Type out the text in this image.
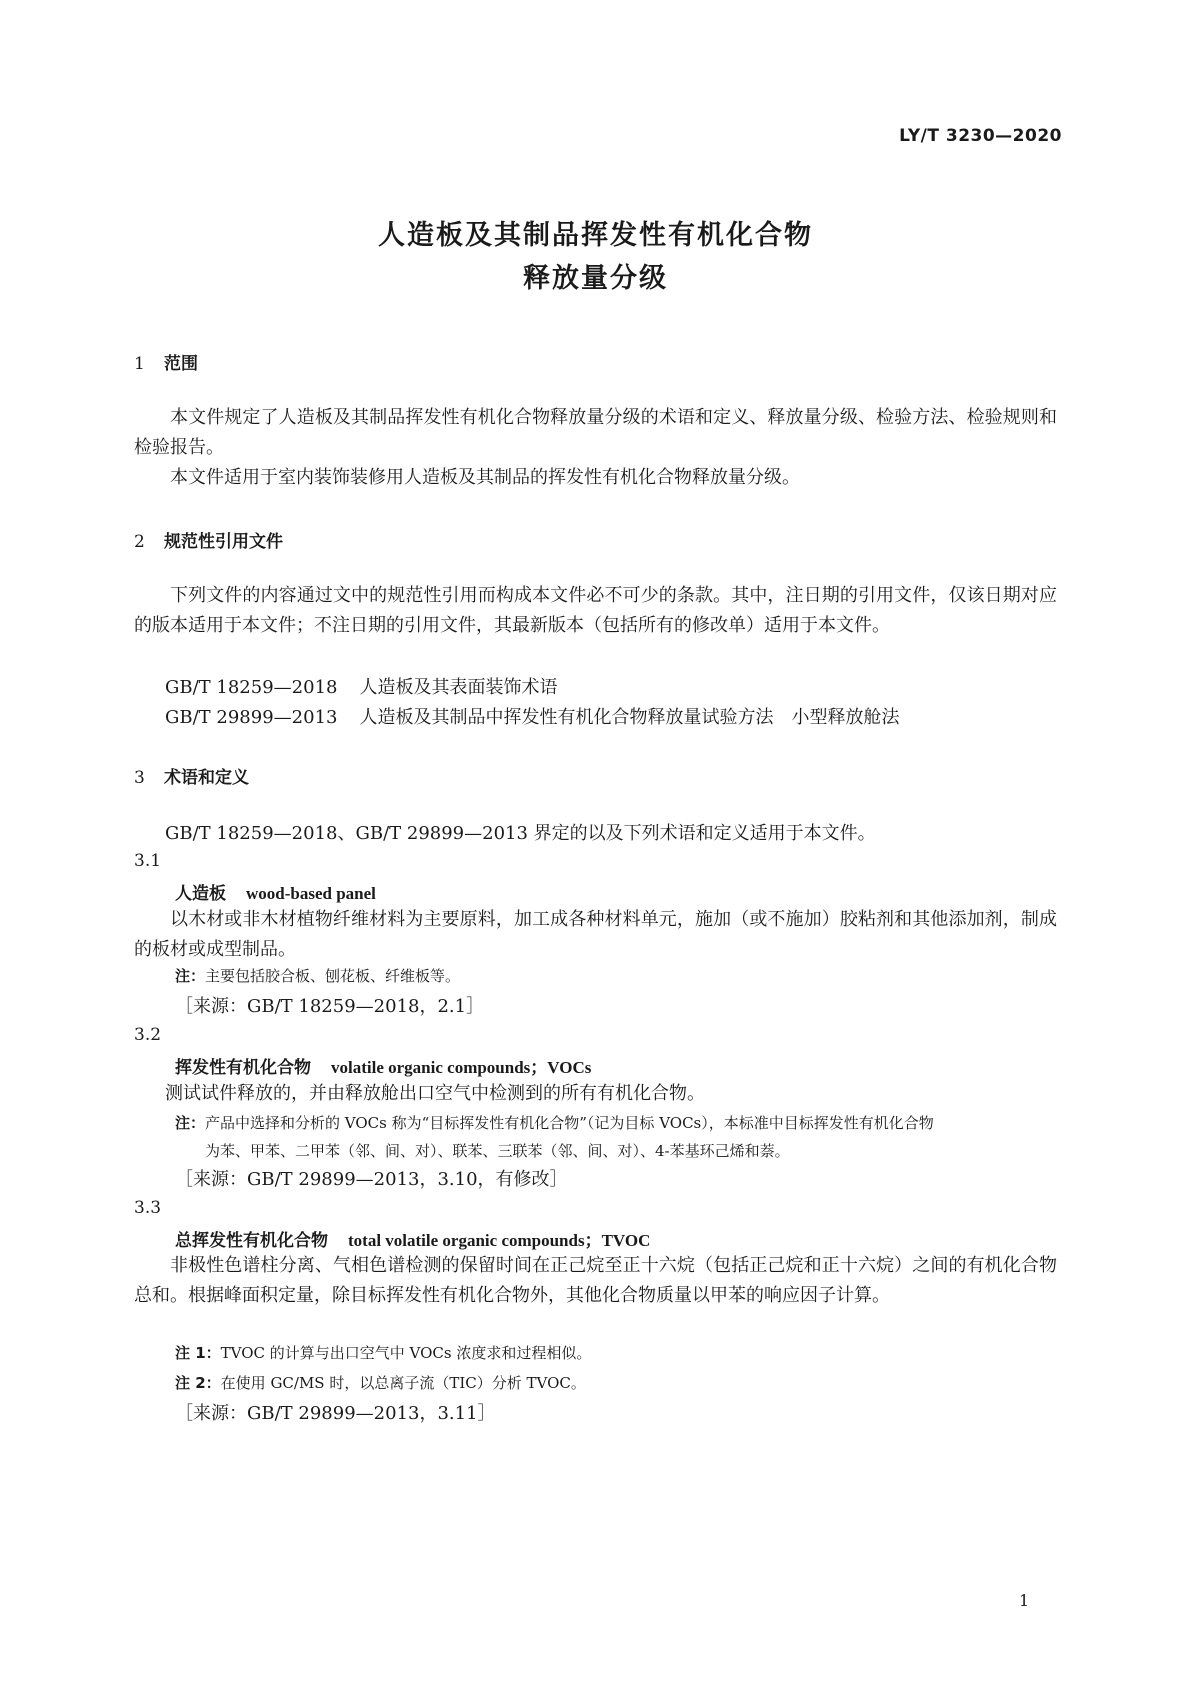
LY/T 3230—2020
人造板及其制品挥发性有机化合物
释放量分级
1 范围

本文件规定了人造板及其制品挥发性有机化合物释放量分级的术语和定义、释放量分级、检验方法、检验规则和检验报告。

本文件适用于室内装饰装修用人造板及其制品的挥发性有机化合物释放量分级。

2 规范性引用文件

下列文件的内容通过文中的规范性引用而构成本文件必不可少的条款。其中，注日期的引用文件，仅该日期对应的版本适用于本文件；不注日期的引用文件，其最新版本（包括所有的修改单）适用于本文件。

GB/T 18259—2018 人造板及其表面装饰术语
GB/T 29899—2013 人造板及其制品中挥发性有机化合物释放量试验方法　小型释放舱法
3 术语和定义
GB/T 18259—2018、GB/T 29899—2013 界定的以及下列术语和定义适用于本文件。
3.1
人造板 wood-based panel

以木材或非木材植物纤维材料为主要原料，加工成各种材料单元，施加（或不施加）胶粘剂和其他添加剂，制成的板材或成型制品。

注：主要包括胶合板、刨花板、纤维板等。
［来源：GB/T 18259—2018，2.1］
3.2
挥发性有机化合物 volatile organic compounds；VOCs
测试试件释放的，并由释放舱出口空气中检测到的所有有机化合物。
注：产品中选择和分析的 VOCs 称为“目标挥发性有机化合物”（记为目标 VOCs），本标准中目标挥发性有机化合物
为苯、甲苯、二甲苯（邻、间、对）、联苯、三联苯（邻、间、对）、4-苯基环己烯和萘。
［来源：GB/T 29899—2013，3.10，有修改］
3.3
总挥发性有机化合物 total volatile organic compounds；TVOC

非极性色谱柱分离、气相色谱检测的保留时间在正己烷至正十六烷（包括正己烷和正十六烷）之间的有机化合物总和。根据峰面积定量，除目标挥发性有机化合物外，其他化合物质量以甲苯的响应因子计算。

注 1：TVOC 的计算与出口空气中 VOCs 浓度求和过程相似。
注 2：在使用 GC/MS 时，以总离子流（TIC）分析 TVOC。
［来源：GB/T 29899—2013，3.11］
1
